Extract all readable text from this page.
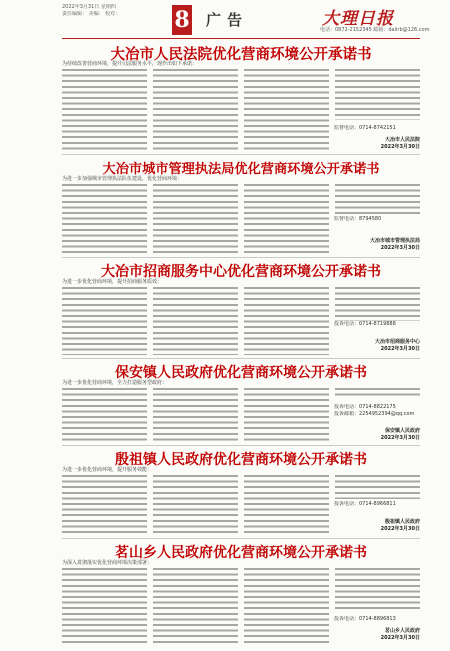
2022年3月31日 星期四
责任编辑： 美编： 校对：	8 广告	大理日报
电话：0872-2152345 邮箱：dalirb@126.com
大冶市人民法院优化营商环境公开承诺书
为持续改善营商环境，提升司法服务水平，现作出如下承诺：
监督电话：0714-8742151
大冶市人民法院
2022年3月30日
大冶市城市管理执法局优化营商环境公开承诺书
为进一步加强城市管理执法队伍建设，优化营商环境：
监督电话：8794580
大冶市城市管理执法局
2022年3月30日
大冶市招商服务中心优化营商环境公开承诺书
为进一步优化营商环境，提升招商服务质效：
投诉电话：0714-8719888
大冶市招商服务中心
2022年3月30日
保安镇人民政府优化营商环境公开承诺书
为进一步优化营商环境，全力打造服务型政府：
投诉电话：0714-8822175
投诉邮箱：2254952394@qq.com
保安镇人民政府
2022年3月30日
殷祖镇人民政府优化营商环境公开承诺书
为进一步优化营商环境，提升服务效能：
投诉电话：0714-8966811
殷祖镇人民政府
2022年3月30日
茗山乡人民政府优化营商环境公开承诺书
为深入贯彻落实优化营商环境决策部署：
投诉电话：0714-8896813
茗山乡人民政府
2022年3月30日
